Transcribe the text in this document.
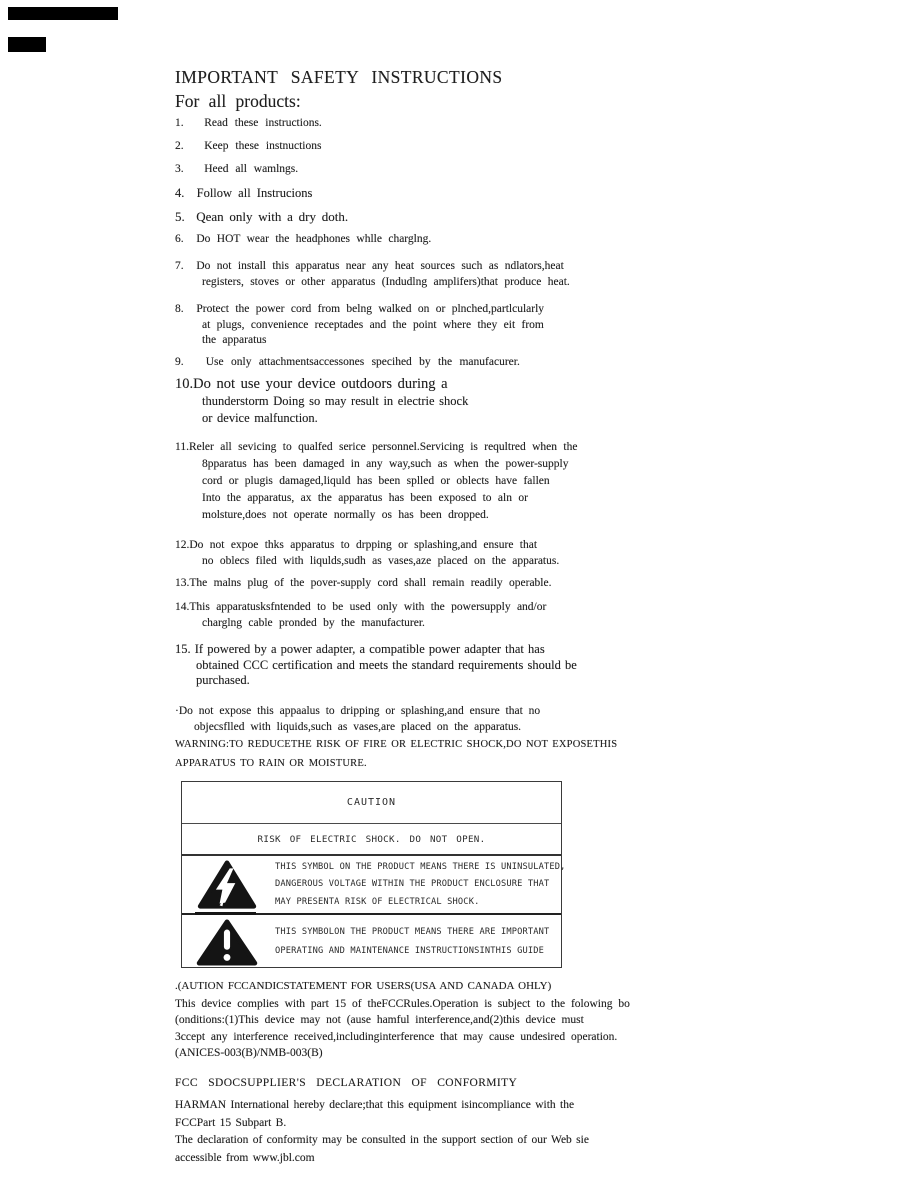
IMPORTANT SAFETY INSTRUCTIONS
For all products:
1.   Read these instructions.
2.   Keep these instnuctions
3.   Heed all wamlngs.
4.  Follow all Instrucions
5.  Qean only with a dry doth.
6.  Do HOT wear the headphones whlle charglng.
7.  Do not install this apparatus near any heat sources such as ndlators,heat
registers, stoves or other apparatus (Indudlng amplifers)that produce heat.
8.  Protect the power cord from belng walked on or plnched,partlcularly
at plugs, convenience receptades and the point where they eit from
the apparatus
9.   Use only attachmentsaccessones specihed by the manufacurer.
10.Do not use your device outdoors during a
thunderstorm Doing so may result in electrie shock
or device malfunction.
11.Reler all sevicing to qualfed serice personnel.Servicing is requltred when the
8pparatus has been damaged in any way,such as when the power-supply
cord or plugis damaged,liquld has been splled or oblects have fallen
Into the apparatus, ax the apparatus has been exposed to aln or
molsture,does not operate normally os has been dropped.
12.Do not expoe thks apparatus to drpping or splashing,and ensure that
no oblecs filed with liqulds,sudh as vases,aze placed on the apparatus.
13.The malns plug of the pover-supply cord shall remain readily operable.
14.This apparatusksfntended to be used only with the powersupply and/or
charglng cable pronded by the manufacturer.
15. If powered by a power adapter, a compatible power adapter that has
obtained CCC certification and meets the standard requirements should be
purchased.
·Do not expose this appaalus to dripping or splashing,and ensure that no
objecsflled with liquids,such as vases,are placed on the apparatus.
WARNING:TO REDUCETHE RISK OF FIRE OR ELECTRIC SHOCK,DO NOT EXPOSETHIS
APPARATUS TO RAIN OR MOISTURE.
CAUTION
RISK OF ELECTRIC SHOCK. DO NOT OPEN.
THIS SYMBOL ON THE PRODUCT MEANS THERE IS UNINSULATED,
DANGEROUS VOLTAGE WITHIN THE PRODUCT ENCLOSURE THAT
MAY PRESENTA RISK OF ELECTRICAL SHOCK.
THIS SYMBOLON THE PRODUCT MEANS THERE ARE IMPORTANT
OPERATING AND MAINTENANCE INSTRUCTIONSINTHIS GUIDE
.(AUTION FCCANDICSTATEMENT FOR USERS(USA AND CANADA OHLY)
This device complies with part 15 of theFCCRules.Operation is subject to the folowing bo
(onditions:(1)This device may not (ause hamful interference,and(2)this device must
3ccept any interference received,includinginterference that may cause undesired operation.
(ANICES-003(B)/NMB-003(B)
FCC SDOCSUPPLIER'S DECLARATION OF CONFORMITY
HARMAN International hereby declare;that this equipment isincompliance with the
FCCPart 15 Subpart B.
The declaration of conformity may be consulted in the support section of our Web sie
accessible from www.jbl.com
